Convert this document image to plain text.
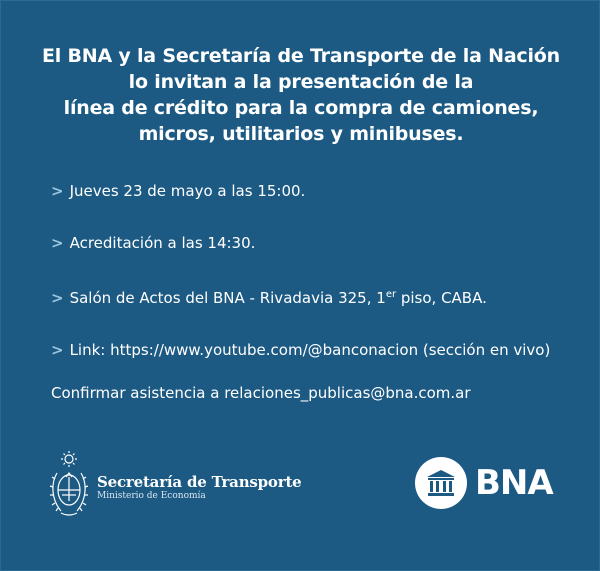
El BNA y la Secretaría de Transporte de la Nación
lo invitan a la presentación de la
línea de crédito para la compra de camiones,
micros, utilitarios y minibuses.
> Jueves 23 de mayo a las 15:00.
> Acreditación a las 14:30.
> Salón de Actos del BNA - Rivadavia 325, 1er piso, CABA.
> Link: https://www.youtube.com/@banconacion (sección en vivo)
Confirmar asistencia a relaciones_publicas@bna.com.ar
Secretaría de Transporte
Ministerio de Economía	BNA
